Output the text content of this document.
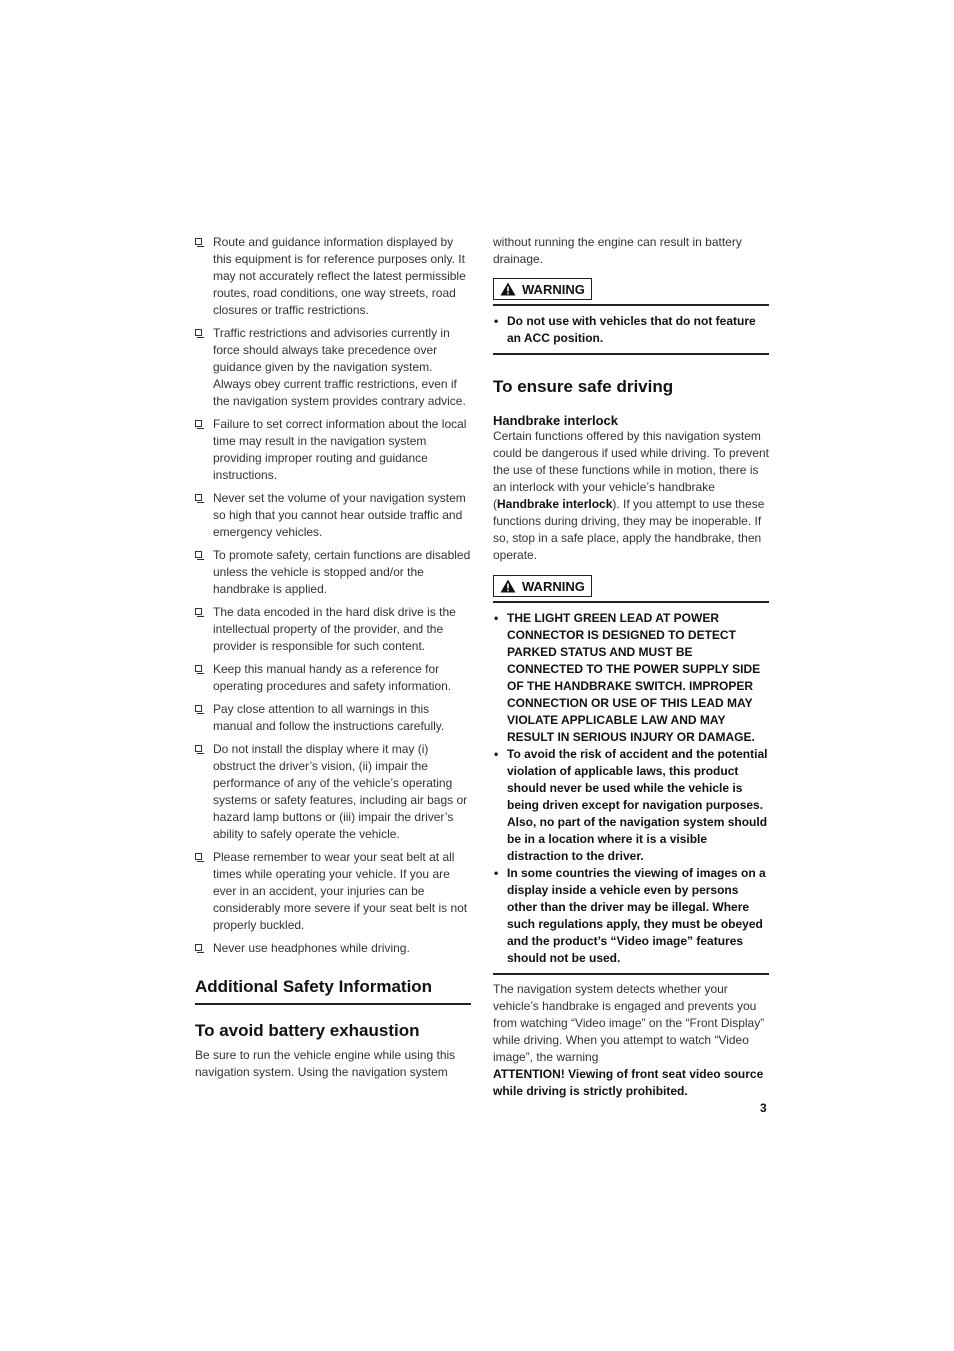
Route and guidance information displayed by this equipment is for reference purposes only. It may not accurately reflect the latest permissible routes, road conditions, one way streets, road closures or traffic restrictions.
Traffic restrictions and advisories currently in force should always take precedence over guidance given by the navigation system. Always obey current traffic restrictions, even if the navigation system provides contrary advice.
Failure to set correct information about the local time may result in the navigation system providing improper routing and guidance instructions.
Never set the volume of your navigation system so high that you cannot hear outside traffic and emergency vehicles.
To promote safety, certain functions are disabled unless the vehicle is stopped and/or the handbrake is applied.
The data encoded in the hard disk drive is the intellectual property of the provider, and the provider is responsible for such content.
Keep this manual handy as a reference for operating procedures and safety information.
Pay close attention to all warnings in this manual and follow the instructions carefully.
Do not install the display where it may (i) obstruct the driver’s vision, (ii) impair the performance of any of the vehicle’s operating systems or safety features, including air bags or hazard lamp buttons or (iii) impair the driver’s ability to safely operate the vehicle.
Please remember to wear your seat belt at all times while operating your vehicle. If you are ever in an accident, your injuries can be considerably more severe if your seat belt is not properly buckled.
Never use headphones while driving.
Additional Safety Information
To avoid battery exhaustion

Be sure to run the vehicle engine while using this navigation system. Using the navigation system

without running the engine can result in battery drainage.

WARNING
• Do not use with vehicles that do not feature an ACC position.
To ensure safe driving
Handbrake interlock

Certain functions offered by this navigation system could be dangerous if used while driving. To prevent the use of these functions while in motion, there is an interlock with your vehicle’s handbrake (Handbrake interlock). If you attempt to use these functions during driving, they may be inoperable. If so, stop in a safe place, apply the handbrake, then operate.

WARNING
• THE LIGHT GREEN LEAD AT POWER CONNECTOR IS DESIGNED TO DETECT PARKED STATUS AND MUST BE CONNECTED TO THE POWER SUPPLY SIDE OF THE HANDBRAKE SWITCH. IMPROPER CONNECTION OR USE OF THIS LEAD MAY VIOLATE APPLICABLE LAW AND MAY RESULT IN SERIOUS INJURY OR DAMAGE.
• To avoid the risk of accident and the potential violation of applicable laws, this product should never be used while the vehicle is being driven except for navigation purposes. Also, no part of the navigation system should be in a location where it is a visible distraction to the driver.
• In some countries the viewing of images on a display inside a vehicle even by persons other than the driver may be illegal. Where such regulations apply, they must be obeyed and the product’s “Video image” features should not be used.

The navigation system detects whether your vehicle’s handbrake is engaged and prevents you from watching “Video image” on the “Front Display” while driving. When you attempt to watch “Video image”, the warning

ATTENTION! Viewing of front seat video source while driving is strictly prohibited.

3
